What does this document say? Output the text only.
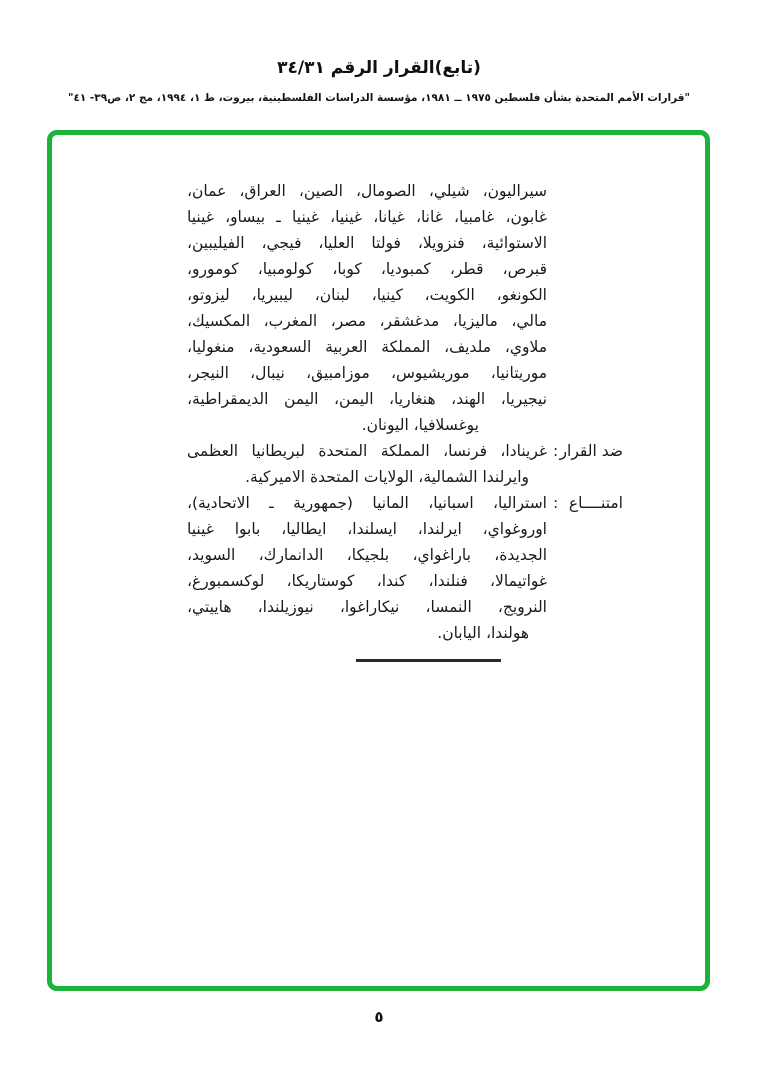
(تابع)القرار الرقم ٣٤/٣١
"قرارات الأمم المتحدة بشأن فلسطين ١٩٧٥ ــ ١٩٨١، مؤسسة الدراسات الفلسطينية، بيروت، ط ١، ١٩٩٤، مج ٢، ص٣٩- ٤١"
سيراليون، شيلي، الصومال، الصين، العراق، عمان،
غابون، غامبيا، غانا، غيانا، غينيا، غينيا ـ بيساو، غينيا
الاستوائية، فنزويلا، فولتا العليا، فيجي، الفيليبين،
قبرص، قطر، كمبوديا، كوبا، كولومبيا، كومورو،
الكونغو، الكويت، كينيا، لبنان، ليبيريا، ليزوتو،
مالي، ماليزيا، مدغشقر، مصر، المغرب، المكسيك،
ملاوي، ملديف، المملكة العربية السعودية، منغوليا،
موريتانيا، موريشيوس، موزامبيق، نيبال، النيجر،
نيجيريا، الهند، هنغاريا، اليمن، اليمن الديمقراطية،
يوغسلافيا، اليونان.
ضد القرار
:
غرينادا، فرنسا، المملكة المتحدة لبريطانيا العظمى
وايرلندا الشمالية، الولايات المتحدة الاميركية.
امتنــــاع
:
استراليا، اسبانيا، المانيا (جمهورية ـ الاتحادية)،
اوروغواي، ايرلندا، ايسلندا، ايطاليا، بابوا غينيا
الجديدة، باراغواي، بلجيكا، الدانمارك، السويد،
غواتيمالا، فنلندا، كندا، كوستاريكا، لوكسمبورغ،
النرويج، النمسا، نيكاراغوا، نيوزيلندا، هاييتي،
هولندا، اليابان.
٥
